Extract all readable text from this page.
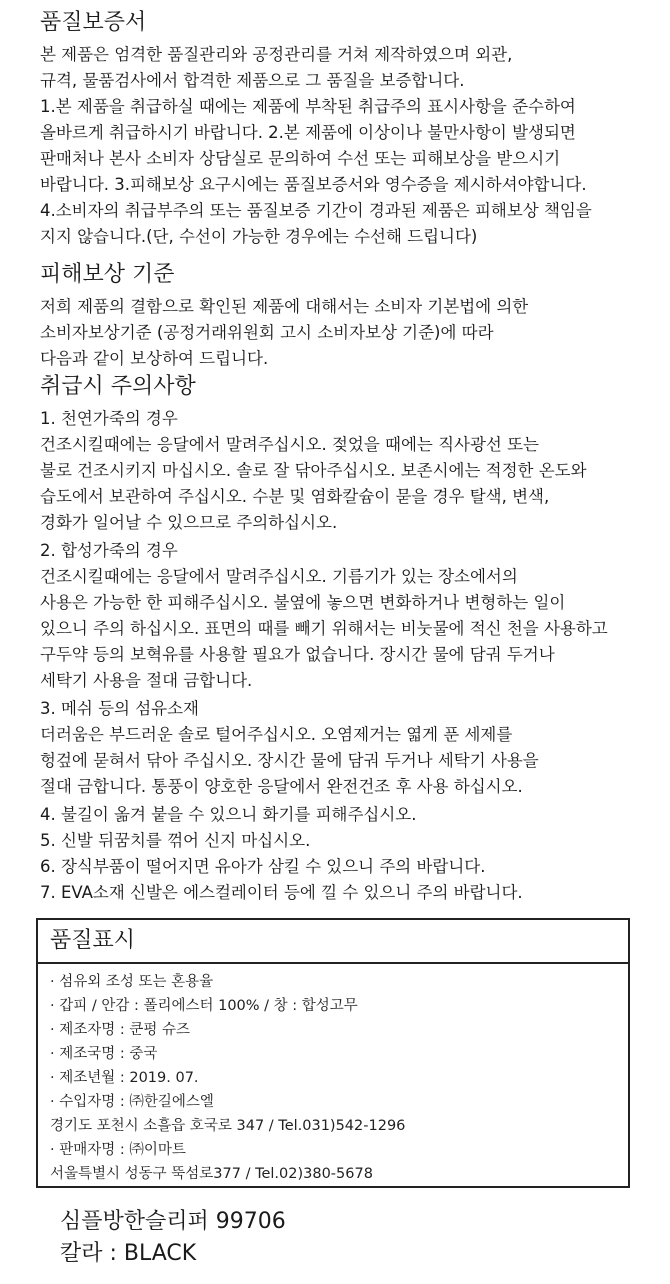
품질보증서
본 제품은 엄격한 품질관리와 공정관리를 거쳐 제작하였으며 외관,
규격, 물품검사에서 합격한 제품으로 그 품질을 보증합니다.
1.본 제품을 취급하실 때에는 제품에 부착된 취급주의 표시사항을 준수하여
올바르게 취급하시기 바랍니다. 2.본 제품에 이상이나 불만사항이 발생되면
판매처나 본사 소비자 상담실로 문의하여 수선 또는 피해보상을 받으시기
바랍니다. 3.피해보상 요구시에는 품질보증서와 영수증을 제시하셔야합니다.
4.소비자의 취급부주의 또는 품질보증 기간이 경과된 제품은 피해보상 책임을
지지 않습니다.(단, 수선이 가능한 경우에는 수선해 드립니다)
피해보상 기준
저희 제품의 결함으로 확인된 제품에 대해서는 소비자 기본법에 의한
소비자보상기준 (공정거래위원회 고시 소비자보상 기준)에 따라
다음과 같이 보상하여 드립니다.
취급시 주의사항
1. 천연가죽의 경우
건조시킬때에는 응달에서 말려주십시오. 젖었을 때에는 직사광선 또는
불로 건조시키지 마십시오. 솔로 잘 닦아주십시오. 보존시에는 적정한 온도와
습도에서 보관하여 주십시오. 수분 및 염화칼슘이 묻을 경우 탈색, 변색,
경화가 일어날 수 있으므로 주의하십시오.
2. 합성가죽의 경우
건조시킬때에는 응달에서 말려주십시오. 기름기가 있는 장소에서의
사용은 가능한 한 피해주십시오. 불옆에 놓으면 변화하거나 변형하는 일이
있으니 주의 하십시오. 표면의 때를 빼기 위해서는 비눗물에 적신 천을 사용하고
구두약 등의 보혁유를 사용할 필요가 없습니다. 장시간 물에 담궈 두거나
세탁기 사용을 절대 금합니다.
3. 메쉬 등의 섬유소재
더러움은 부드러운 솔로 털어주십시오. 오염제거는 엷게 푼 세제를
헝겊에 묻혀서 닦아 주십시오. 장시간 물에 담궈 두거나 세탁기 사용을
절대 금합니다. 통풍이 양호한 응달에서 완전건조 후 사용 하십시오.
4. 불길이 옮겨 붙을 수 있으니 화기를 피해주십시오.
5. 신발 뒤꿈치를 꺾어 신지 마십시오.
6. 장식부품이 떨어지면 유아가 삼킬 수 있으니 주의 바랍니다.
7. EVA소재 신발은 에스컬레이터 등에 낄 수 있으니 주의 바랍니다.
품질표시
· 섬유외 조성 또는 혼용율
· 갑피 / 안감 : 폴리에스터 100% / 창 : 합성고무
· 제조자명 : 쿤펑 슈즈
· 제조국명 : 중국
· 제조년월 : 2019. 07.
· 수입자명 : ㈜한길에스엘
경기도 포천시 소흘읍 호국로 347 / Tel.031)542-1296
· 판매자명 : ㈜이마트
서울특별시 성동구 뚝섬로377 / Tel.02)380-5678
심플방한슬리퍼 99706
칼라 : BLACK
